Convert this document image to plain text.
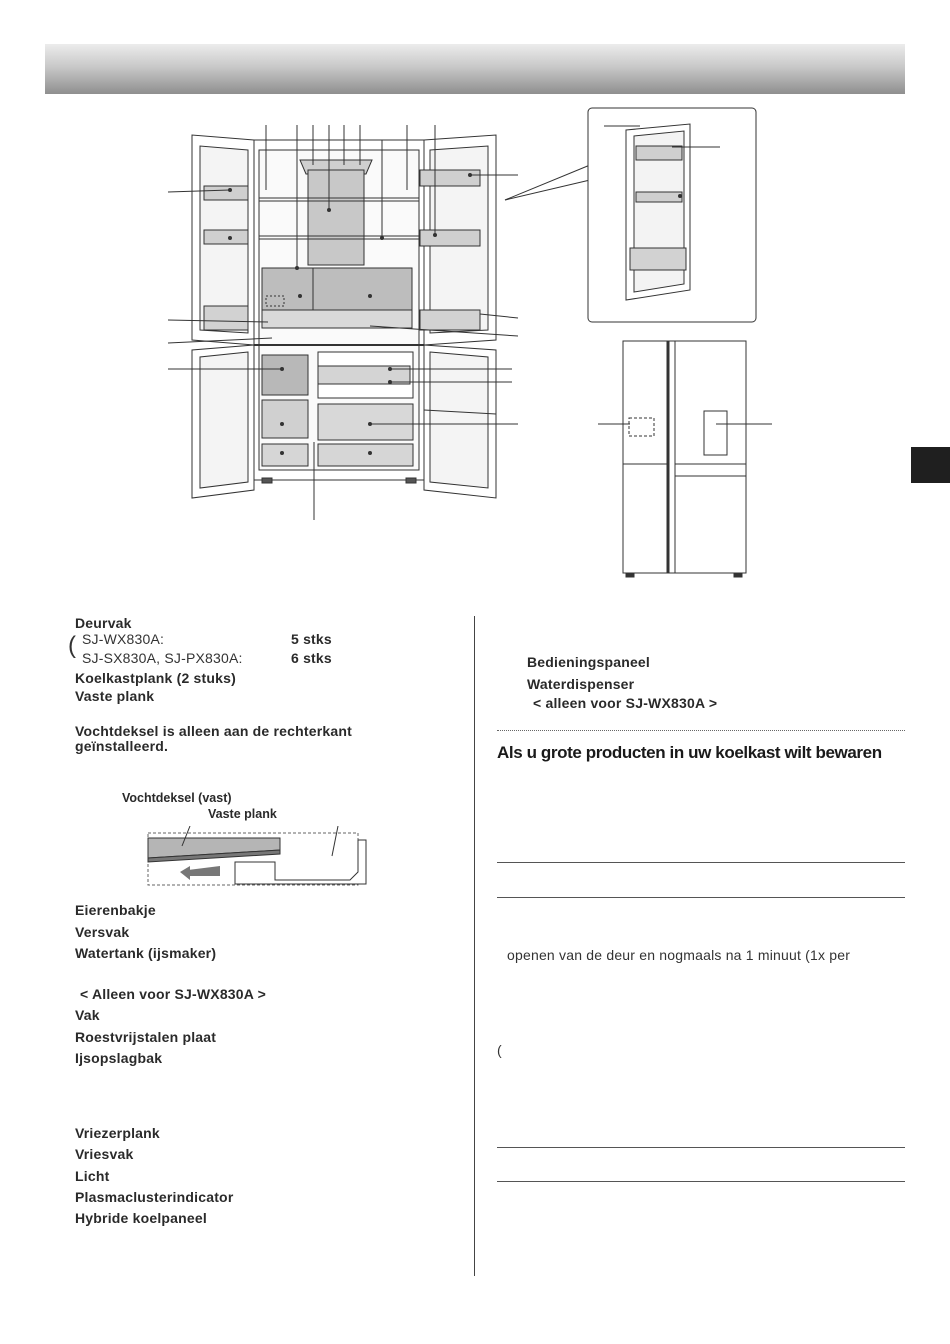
Deurvak
( SJ-WX830A:	5 stks
SJ-SX830A, SJ-PX830A:	6 stks
Koelkastplank (2 stuks)
Vaste plank
Vochtdeksel is alleen aan de rechterkant
geïnstalleerd.
Vochtdeksel (vast)
Vaste plank
Eierenbakje
Versvak
Watertank (ijsmaker)
< Alleen voor SJ-WX830A >
Vak
Roestvrijstalen plaat
Ijsopslagbak
Vriezerplank
Vriesvak
Licht
Plasmaclusterindicator
Hybride koelpaneel
Bedieningspaneel
Waterdispenser
< alleen voor SJ-WX830A >
Als u grote producten in uw koelkast wilt bewaren
openen van de deur en nogmaals na 1 minuut (1x per
(
